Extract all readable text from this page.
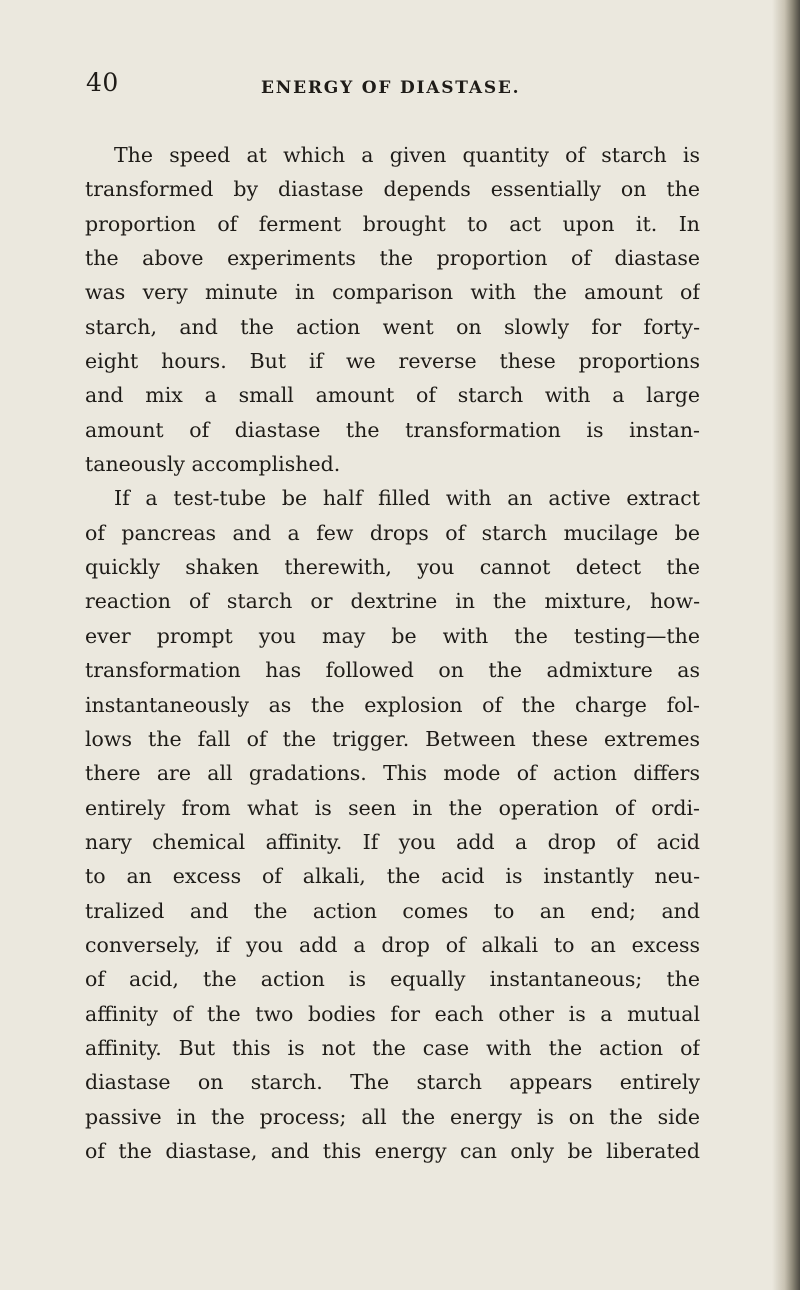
40	ENERGY OF DIASTASE.
The speed at which a given quantity of starch is
transformed by diastase depends essentially on the
proportion of ferment brought to act upon it. In
the above experiments the proportion of diastase
was very minute in comparison with the amount of
starch, and the action went on slowly for forty-
eight hours. But if we reverse these proportions
and mix a small amount of starch with a large
amount of diastase the transformation is instan-
taneously accomplished.
If a test-tube be half filled with an active extract
of pancreas and a few drops of starch mucilage be
quickly shaken therewith, you cannot detect the
reaction of starch or dextrine in the mixture, how-
ever prompt you may be with the testing—the
transformation has followed on the admixture as
instantaneously as the explosion of the charge fol-
lows the fall of the trigger. Between these extremes
there are all gradations. This mode of action differs
entirely from what is seen in the operation of ordi-
nary chemical affinity. If you add a drop of acid
to an excess of alkali, the acid is instantly neu-
tralized and the action comes to an end; and
conversely, if you add a drop of alkali to an excess
of acid, the action is equally instantaneous; the
affinity of the two bodies for each other is a mutual
affinity. But this is not the case with the action of
diastase on starch. The starch appears entirely
passive in the process; all the energy is on the side
of the diastase, and this energy can only be liberated
